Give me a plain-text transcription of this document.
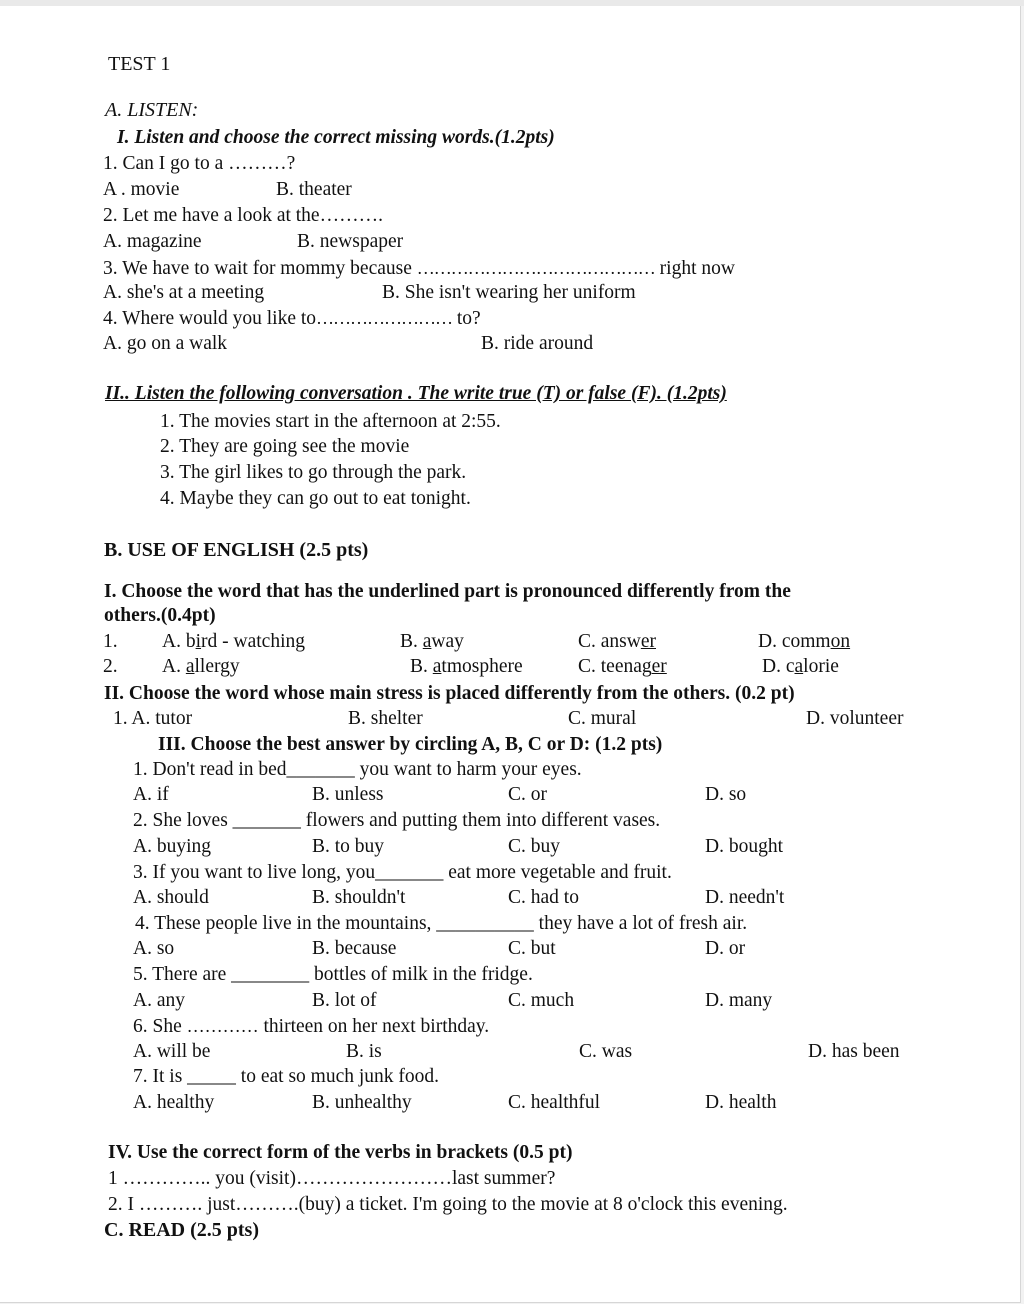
TEST 1
A. LISTEN:
I. Listen and choose the correct missing words.(1.2pts)
1. Can I go to a ………?
A . movie	B. theater
2. Let me have a look at the……….
A. magazine	B. newspaper
3. We have to wait for mommy because …………………………………… right now
A. she's at a meeting	B. She isn't wearing her uniform
4. Where would you like to…………………… to?
A. go on a walk	B. ride around
II.. Listen the following conversation . The write true (T) or false (F). (1.2pts)
1. The movies start in the afternoon at 2:55.
2. They are going see the movie
3. The girl likes to go through the park.
4. Maybe they can go out to eat tonight.
B. USE OF ENGLISH (2.5 pts)
I. Choose the word that has the underlined part is pronounced differently from the
others.(0.4pt)
1. A. bird - watching	B. away	C. answer	D. common
2. A. allergy	B. atmosphere	C. teenager	D. calorie
II. Choose the word whose main stress is placed differently from the others. (0.2 pt)
1. A. tutor	B. shelter	C. mural	D. volunteer
III. Choose the best answer by circling A, B, C or D: (1.2 pts)
1. Don't read in bed_______ you want to harm your eyes.
A. if	B. unless	C. or	D. so
2. She loves _______ flowers and putting them into different vases.
A. buying	B. to buy	C. buy	D. bought
3. If you want to live long, you_______ eat more vegetable and fruit.
A. should	B. shouldn't	C. had to	D. needn't
4. These people live in the mountains, __________ they have a lot of fresh air.
A. so	B. because	C. but	D. or
5. There are ________ bottles of milk in the fridge.
A. any	B. lot of	C. much	D. many
6. She ………… thirteen on her next birthday.
A. will be	B. is	C. was	D. has been
7. It is _____ to eat so much junk food.
A. healthy	B. unhealthy	C. healthful	D. health
IV. Use the correct form of the verbs in brackets (0.5 pt)
1 ………….. you (visit)……………………last summer?
2. I ………. just……….(buy) a ticket. I'm going to the movie at 8 o'clock this evening.
C. READ (2.5 pts)
